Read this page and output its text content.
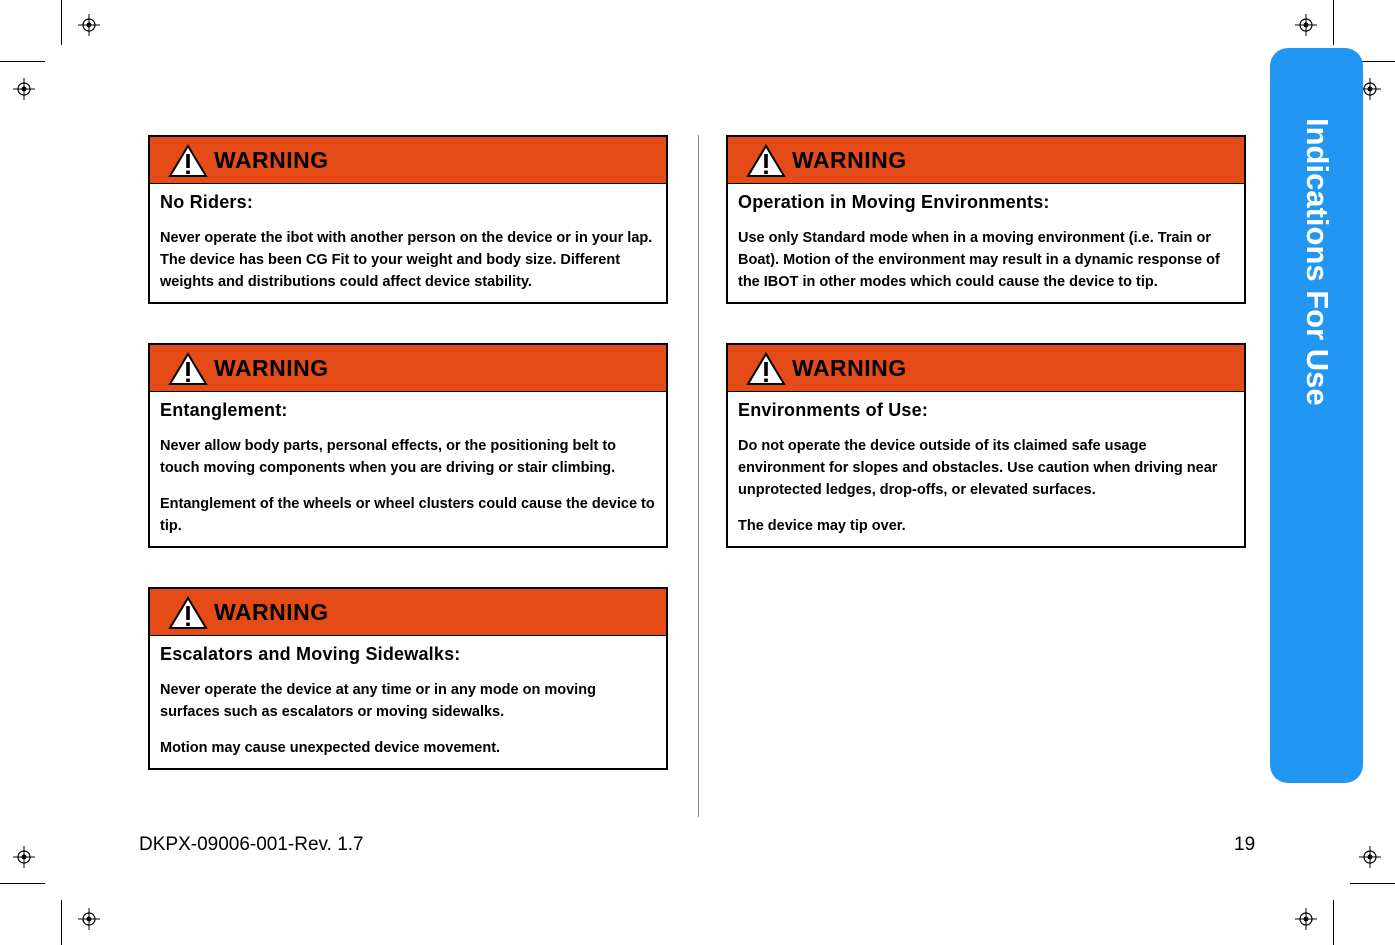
Indications For Use
WARNING
No Riders:

Never operate the ibot with another person on the device or in your lap. The device has been CG Fit to your weight and body size. Different weights and distributions could affect device stability.

WARNING
Entanglement:

Never allow body parts, personal effects, or the positioning belt to touch moving components when you are driving or stair climbing.

Entanglement of the wheels or wheel clusters could cause the device to tip.

WARNING
Escalators and Moving Sidewalks:

Never operate the device at any time or in any mode on moving surfaces such as escalators or moving sidewalks.

Motion may cause unexpected device movement.

WARNING
Operation in Moving Environments:

Use only Standard mode when in a moving environment (i.e. Train or Boat). Motion of the environment may result in a dynamic response of the IBOT in other modes which could cause the device to tip.

WARNING
Environments of Use:

Do not operate the device outside of its claimed safe usage environment for slopes and obstacles. Use caution when driving near unprotected ledges, drop-offs, or elevated surfaces.

The device may tip over.

DKPX-09006-001-Rev. 1.7	19
